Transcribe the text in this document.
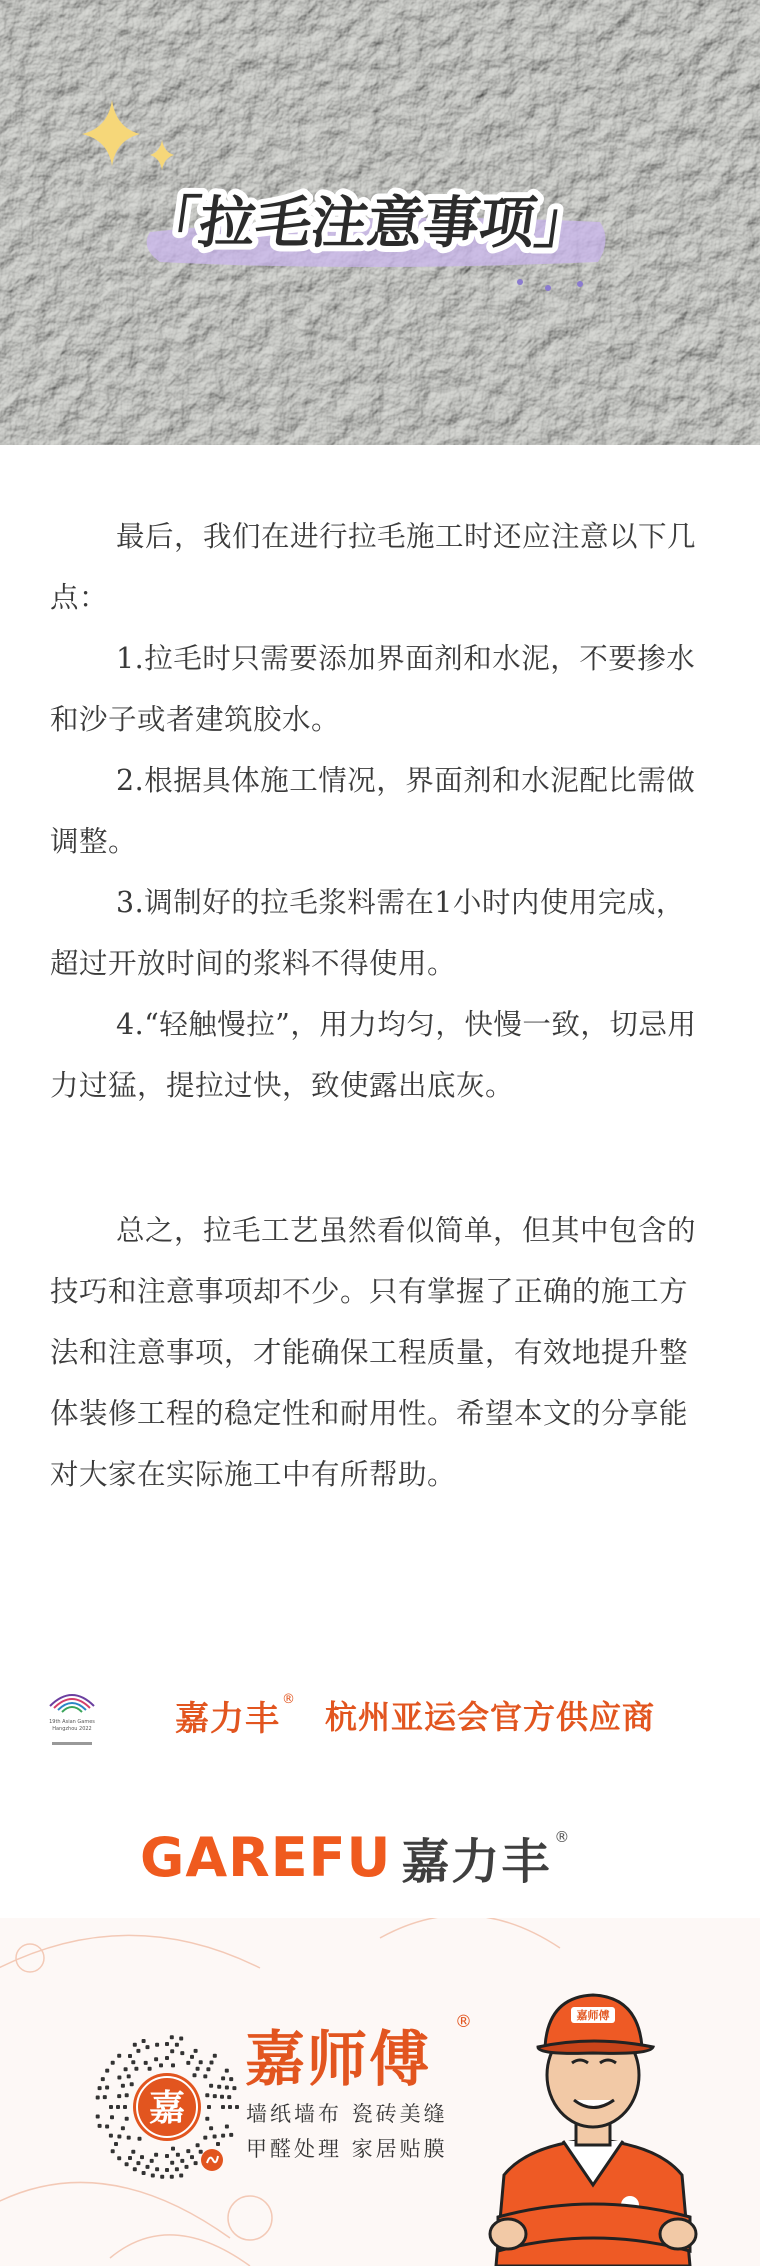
「拉毛注意事项」

最后，我们在进行拉毛施工时还应注意以下几点：

1.拉毛时只需要添加界面剂和水泥，不要掺水和沙子或者建筑胶水。

2.根据具体施工情况，界面剂和水泥配比需做调整。

3.调制好的拉毛浆料需在1小时内使用完成，超过开放时间的浆料不得使用。

4.“轻触慢拉”，用力均匀，快慢一致，切忌用力过猛，提拉过快，致使露出底灰。

总之，拉毛工艺虽然看似简单，但其中包含的技巧和注意事项却不少。只有掌握了正确的施工方法和注意事项，才能确保工程质量，有效地提升整体装修工程的稳定性和耐用性。希望本文的分享能对大家在实际施工中有所帮助。

19th Asian Games
Hangzhou 2022 嘉力丰 ® 杭州亚运会官方供应商
GAREFU 嘉力丰 ®
嘉
嘉师傅
®
墙纸墙布 瓷砖美缝
甲醛处理 家居贴膜
嘉师傅
